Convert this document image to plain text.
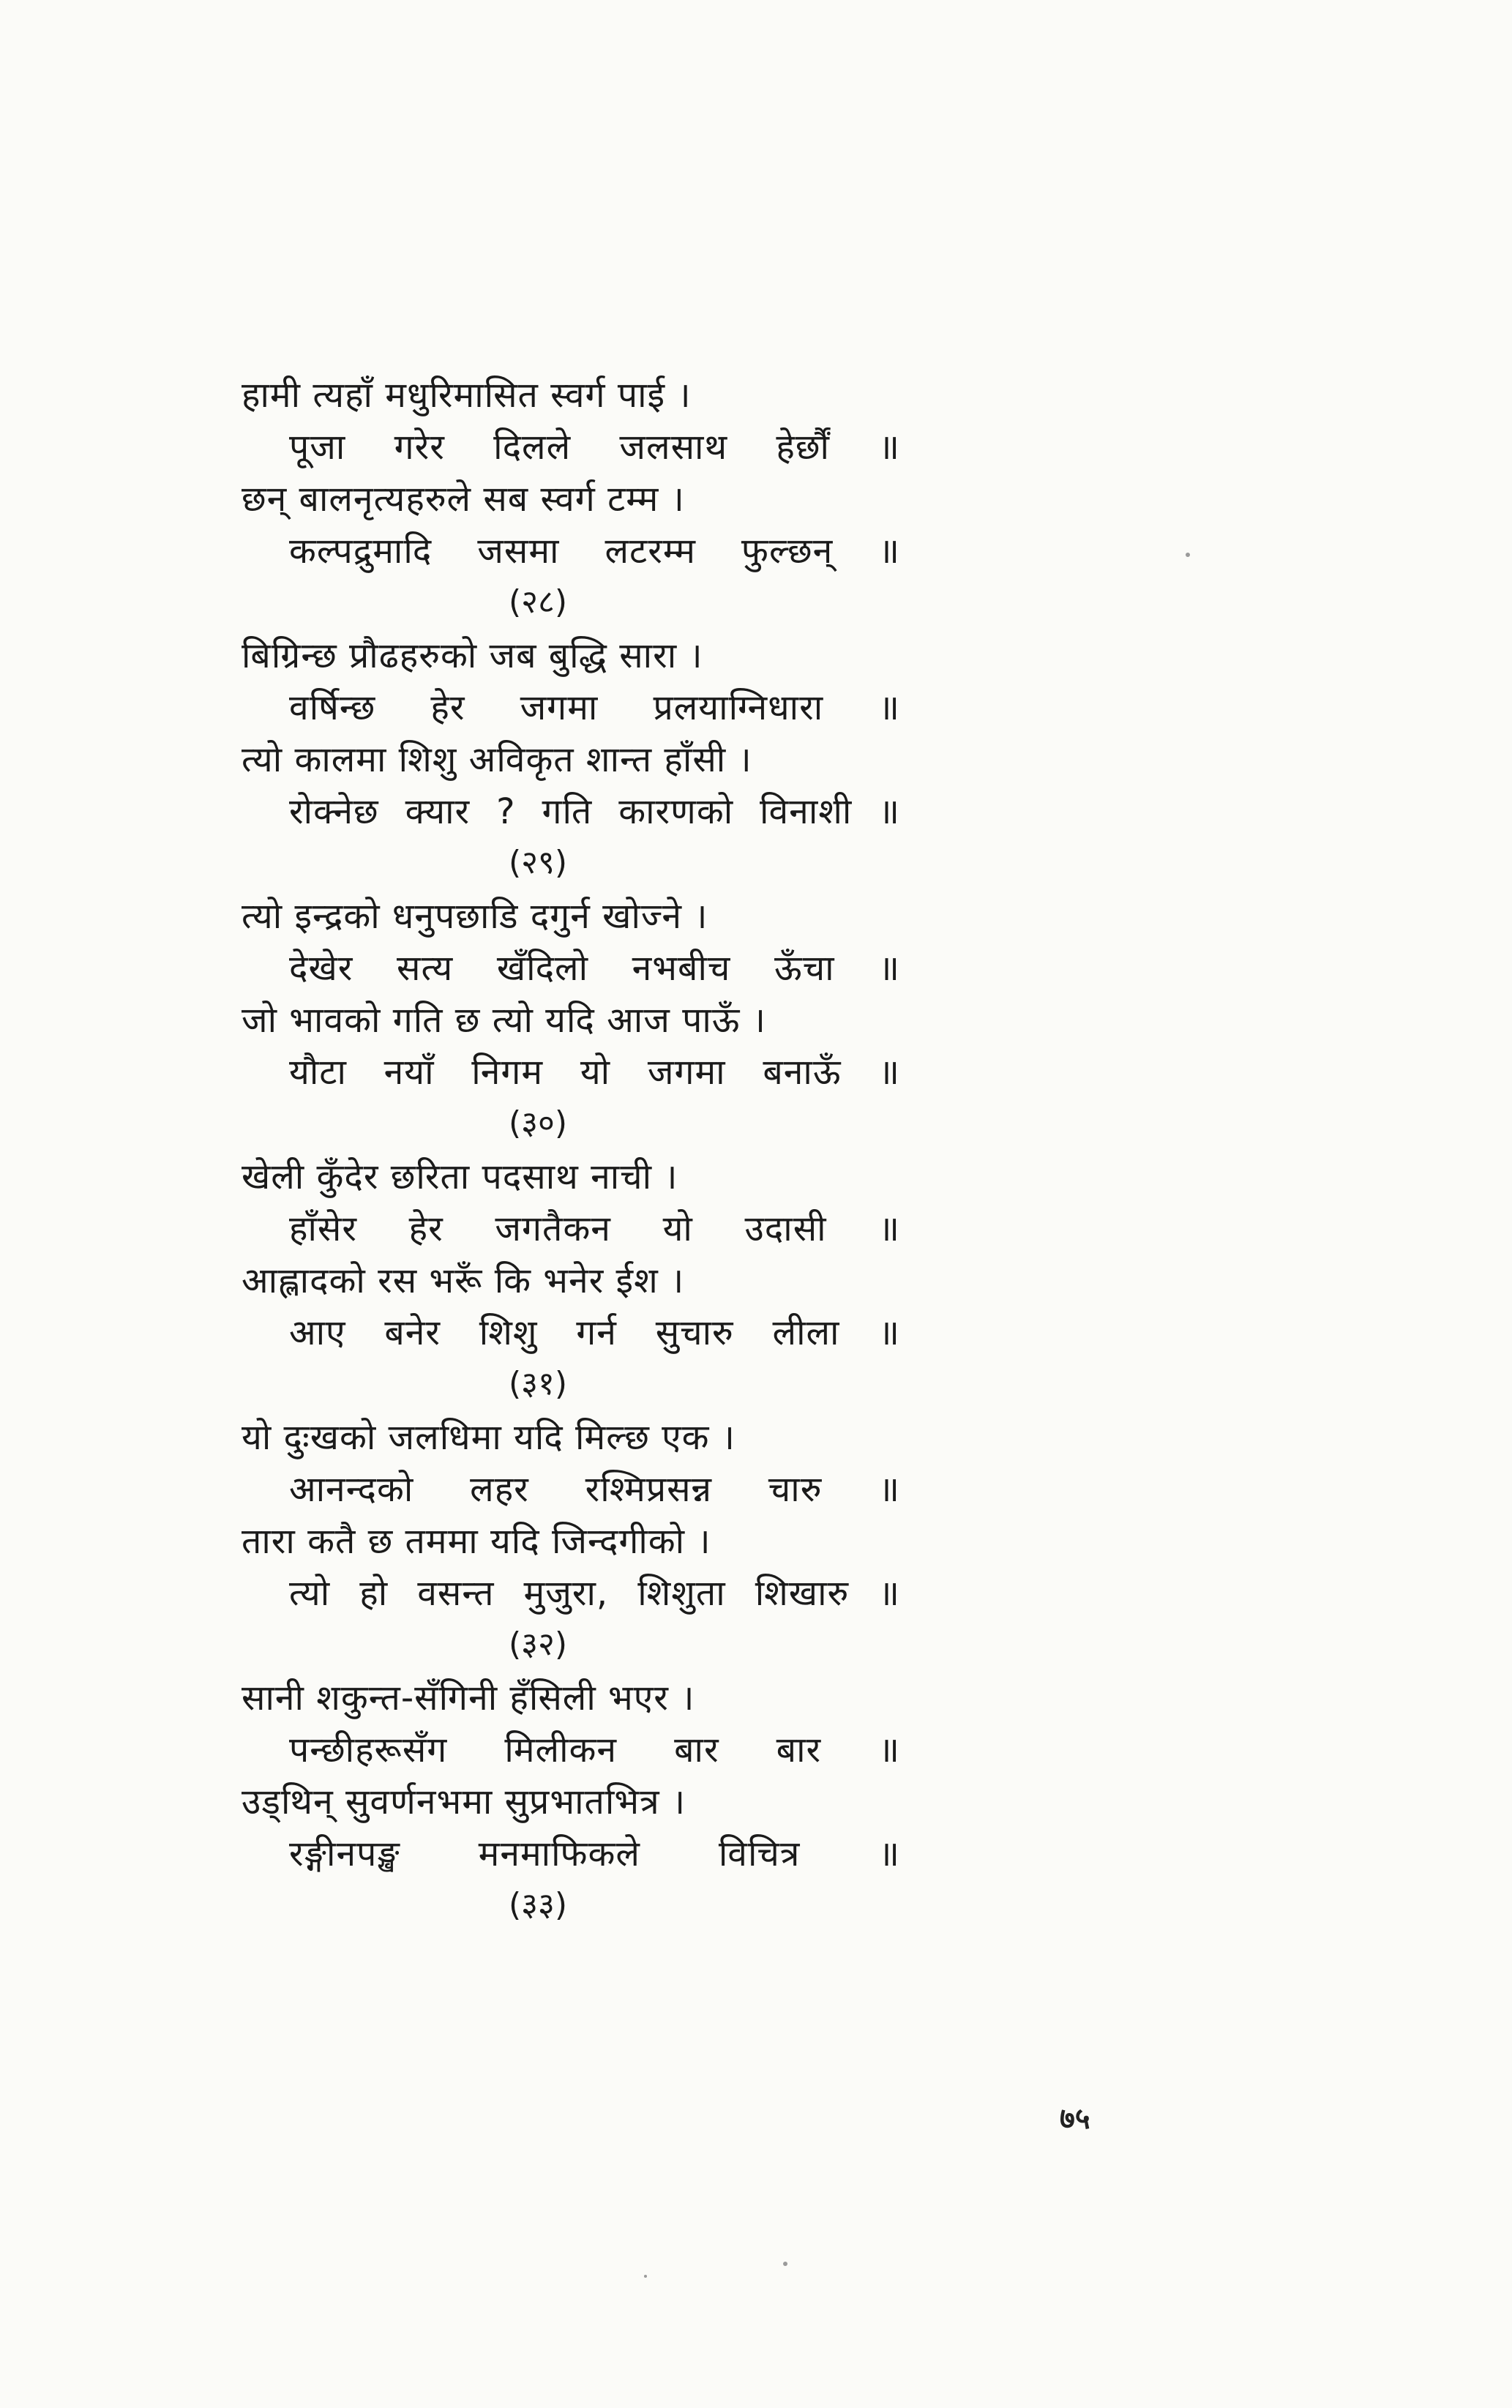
हामी त्यहाँ मधुरिमासित स्वर्ग पाई ।
पूजा गरेर दिलले जलसाथ हेर्छौं ॥
छन् बालनृत्यहरुले सब स्वर्ग टम्म ।
कल्पद्रुमादि जसमा लटरम्म फुल्छन् ॥
(२८)
बिग्रिन्छ प्रौढहरुको जब बुद्धि सारा ।
वर्षिन्छ हेर जगमा प्रलयाग्निधारा ॥
त्यो कालमा शिशु अविकृत शान्त हाँसी ।
रोक्नेछ क्यार ? गति कारणको विनाशी ॥
(२९)
त्यो इन्द्रको धनुपछाडि दगुर्न खोज्ने ।
देखेर सत्य खँदिलो नभबीच ऊँचा ॥
जो भावको गति छ त्यो यदि आज पाऊँ ।
यौटा नयाँ निगम यो जगमा बनाऊँ ॥
(३०)
खेली कुँदेर छरिता पदसाथ नाची ।
हाँसेर हेर जगतैकन यो उदासी ॥
आह्लादको रस भरूँ कि भनेर ईश ।
आए बनेर शिशु गर्न सुचारु लीला ॥
(३१)
यो दुःखको जलधिमा यदि मिल्छ एक ।
आनन्दको लहर रश्मिप्रसन्न चारु ॥
तारा कतै छ तममा यदि जिन्दगीको ।
त्यो हो वसन्त मुजुरा, शिशुता शिखारु ॥
(३२)
सानी शकुन्त-सँगिनी हँसिली भएर ।
पन्छीहरूसँग मिलीकन बार बार ॥
उड्थिन् सुवर्णनभमा सुप्रभातभित्र ।
रङ्गीनपङ्ख मनमाफिकले विचित्र ॥
(३३)
७५
